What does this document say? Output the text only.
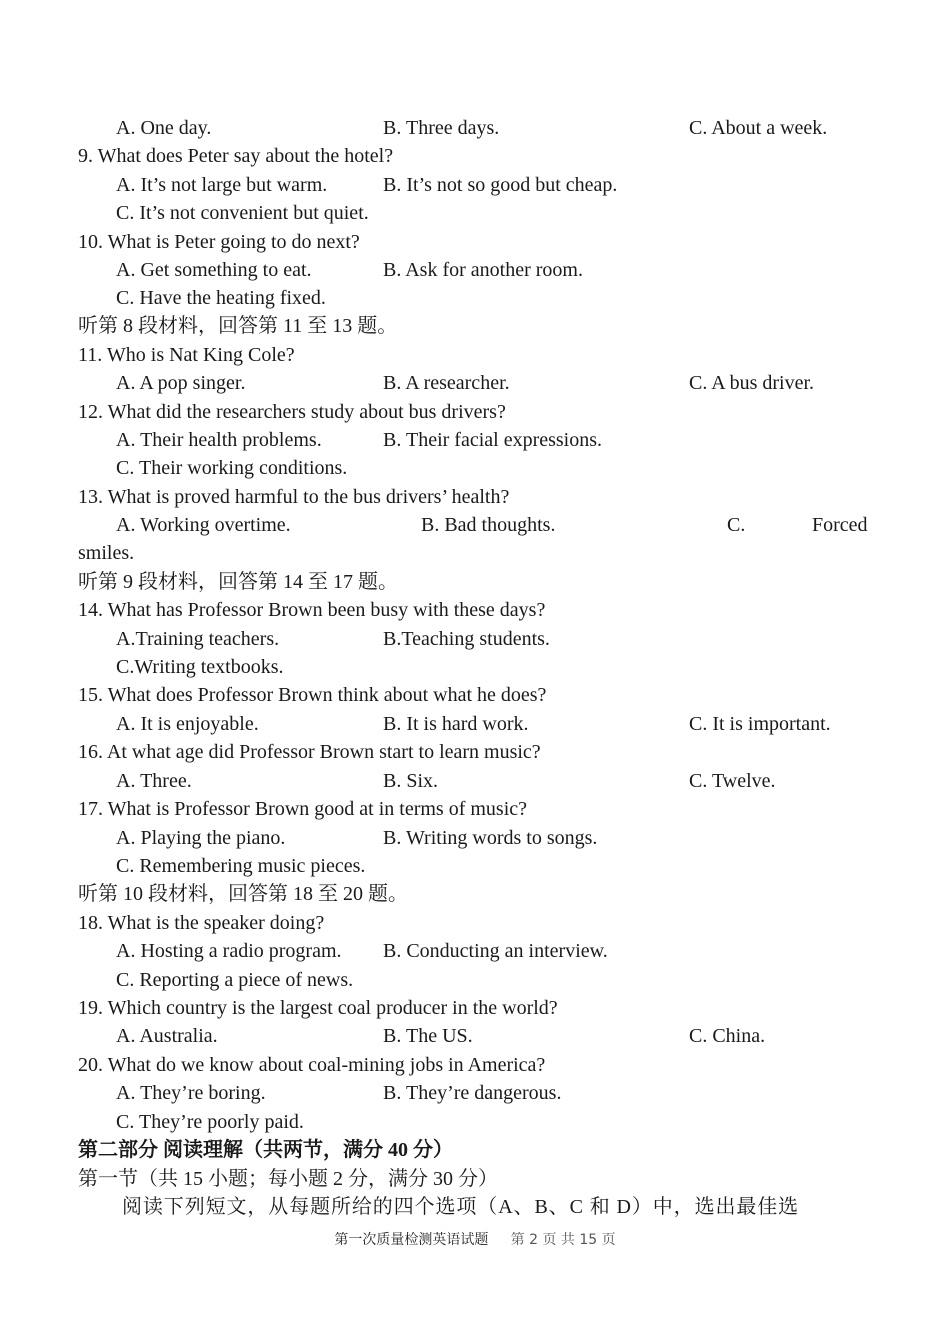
A. One day.	B. Three days.	C. About a week.
9. What does Peter say about the hotel?
A. It’s not large but warm.	B. It’s not so good but cheap.
C. It’s not convenient but quiet.
10. What is Peter going to do next?
A. Get something to eat.	B. Ask for another room.
C. Have the heating fixed.
听第 8 段材料，回答第 11 至 13 题。
11. Who is Nat King Cole?
A. A pop singer.	B. A researcher.	C. A bus driver.
12. What did the researchers study about bus drivers?
A. Their health problems.	B. Their facial expressions.
C. Their working conditions.
13. What is proved harmful to the bus drivers’ health?
A. Working overtime.	B. Bad thoughts.	C.	Forced
smiles.
听第 9 段材料，回答第 14 至 17 题。
14. What has Professor Brown been busy with these days?
A.Training teachers.	B.Teaching students.
C.Writing textbooks.
15. What does Professor Brown think about what he does?
A. It is enjoyable.	B. It is hard work.	C. It is important.
16. At what age did Professor Brown start to learn music?
A. Three.	B. Six.	C. Twelve.
17. What is Professor Brown good at in terms of music?
A. Playing the piano.	B. Writing words to songs.
C. Remembering music pieces.
听第 10 段材料，回答第 18 至 20 题。
18. What is the speaker doing?
A. Hosting a radio program. B. Conducting an interview.
C. Reporting a piece of news.
19. Which country is the largest coal producer in the world?
A. Australia.	B. The US.	C. China.
20. What do we know about coal-mining jobs in America?
A. They’re boring.	B. They’re dangerous.
C. They’re poorly paid.
第二部分 阅读理解（共两节，满分 40 分）
第一节（共 15 小题；每小题 2 分，满分 30 分）
阅读下列短文，从每题所给的四个选项（A、B、C 和 D）中，选出最佳选
第一次质量检测英语试题 第 2 页 共 15 页
